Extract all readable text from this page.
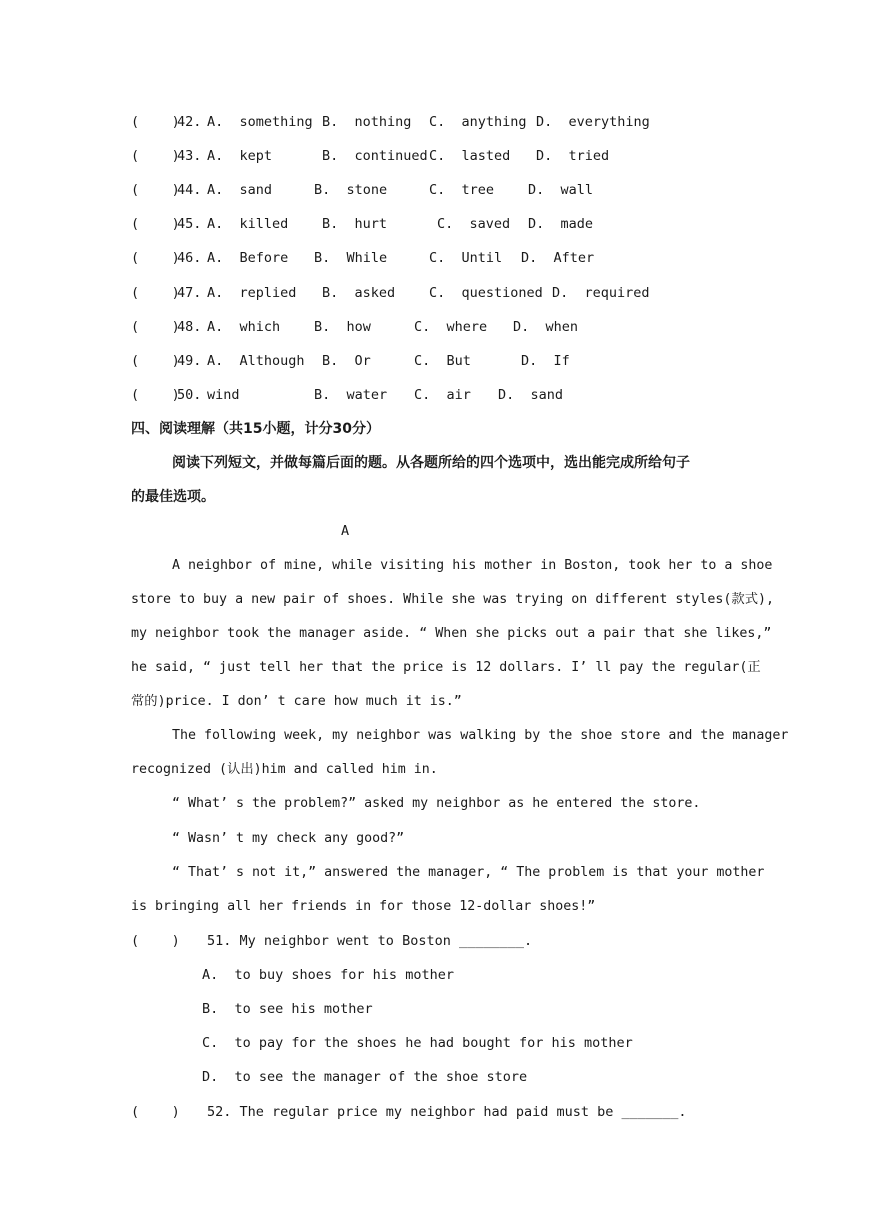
(    )
42. A.  something B.  nothing C.  anything D.  everything
(    )
43. A.  kept	B.  continued C.  lasted D.  tried
(    )
44. A.  sand	B.  stone	C.  tree	D.  wall
(    )
45. A.  killed B.  hurt	C.  saved D.  made
(    )
46. A.  Before B.  While	C.  Until D.  After
(    )
47. A.  replied B.  asked	C.  questioned D.  required
(    )
48. A.  which	B.  how	C.  where D.  when
(    )
49. A.  Although B.  Or	C.  But	D.  If
(    )
50. wind	B.  water C.  air D.  sand
四、阅读理解（共15小题，计分30分）
阅读下列短文，并做每篇后面的题。从各题所给的四个选项中，选出能完成所给句子
的最佳选项。
A
A neighbor of mine, while visiting his mother in Boston, took her to a shoe
store to buy a new pair of shoes. While she was trying on different styles(款式),
my neighbor took the manager aside. “ When she picks out a pair that she likes,”
he said, “ just tell her that the price is 12 dollars. I’ ll pay the regular(正
常的)price. I don’ t care how much it is.”
The following week, my neighbor was walking by the shoe store and the manager
recognized (认出)him and called him in.
“ What’ s the problem?” asked my neighbor as he entered the store.
“ Wasn’ t my check any good?”
“ That’ s not it,” answered the manager, “ The problem is that your mother
is bringing all her friends in for those 12-dollar shoes!”
(    ) 51. My neighbor went to Boston ________.
A.  to buy shoes for his mother
B.  to see his mother
C.  to pay for the shoes he had bought for his mother
D.  to see the manager of the shoe store
(    ) 52. The regular price my neighbor had paid must be _______.
